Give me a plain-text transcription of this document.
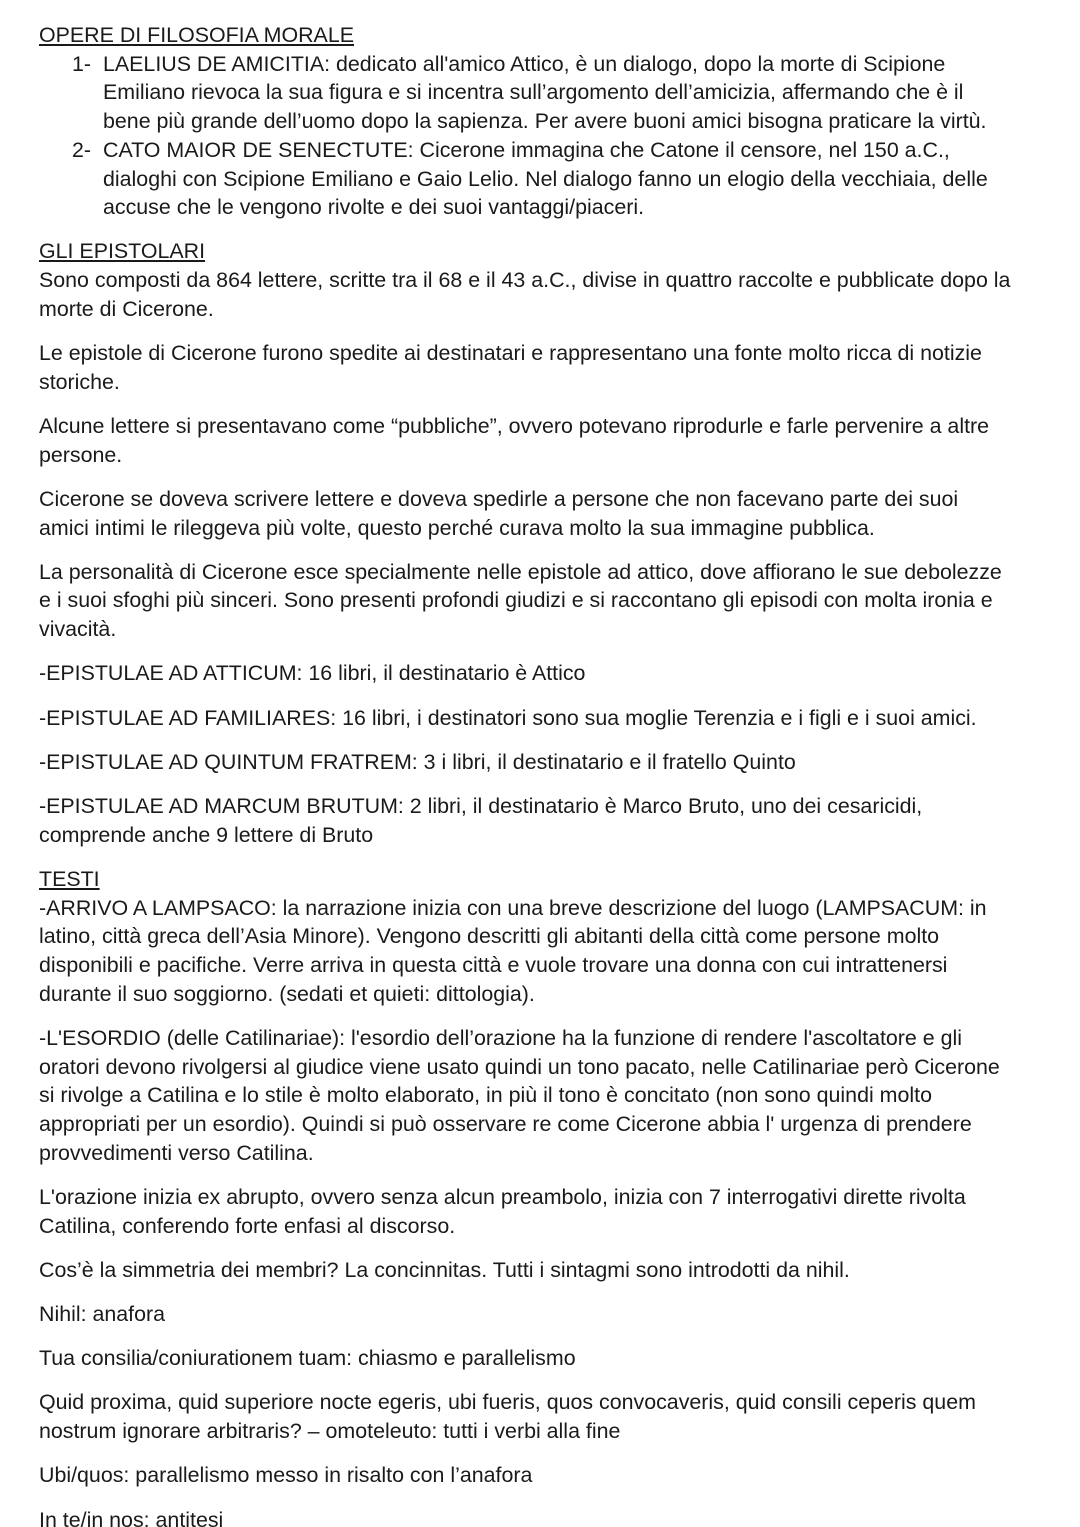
OPERE DI FILOSOFIA MORALE
1- LAELIUS DE AMICITIA: dedicato all'amico Attico, è un dialogo, dopo la morte di Scipione Emiliano rievoca la sua figura e si incentra sull’argomento dell’amicizia, affermando che è il bene più grande dell’uomo dopo la sapienza. Per avere buoni amici bisogna praticare la virtù.
2- CATO MAIOR DE SENECTUTE: Cicerone immagina che Catone il censore, nel 150 a.C., dialoghi con Scipione Emiliano e Gaio Lelio. Nel dialogo fanno un elogio della vecchiaia, delle accuse che le vengono rivolte e dei suoi vantaggi/piaceri.
GLI EPISTOLARI

Sono composti da 864 lettere, scritte tra il 68 e il 43 a.C., divise in quattro raccolte e pubblicate dopo la morte di Cicerone.

Le epistole di Cicerone furono spedite ai destinatari e rappresentano una fonte molto ricca di notizie storiche.

Alcune lettere si presentavano come “pubbliche”, ovvero potevano riprodurle e farle pervenire a altre persone.

Cicerone se doveva scrivere lettere e doveva spedirle a persone che non facevano parte dei suoi amici intimi le rileggeva più volte, questo perché curava molto la sua immagine pubblica.

La personalità di Cicerone esce specialmente nelle epistole ad attico, dove affiorano le sue debolezze e i suoi sfoghi più sinceri. Sono presenti profondi giudizi e si raccontano gli episodi con molta ironia e vivacità.

-EPISTULAE AD ATTICUM: 16 libri, il destinatario è Attico

-EPISTULAE AD FAMILIARES: 16 libri, i destinatori sono sua moglie Terenzia e i figli e i suoi amici.

-EPISTULAE AD QUINTUM FRATREM: 3 i libri, il destinatario e il fratello Quinto

-EPISTULAE AD MARCUM BRUTUM: 2 libri, il destinatario è Marco Bruto, uno dei cesaricidi, comprende anche 9 lettere di Bruto

TESTI

-ARRIVO A LAMPSACO: la narrazione inizia con una breve descrizione del luogo (LAMPSACUM: in latino, città greca dell’Asia Minore). Vengono descritti gli abitanti della città come persone molto disponibili e pacifiche. Verre arriva in questa città e vuole trovare una donna con cui intrattenersi durante il suo soggiorno. (sedati et quieti: dittologia).

-L'ESORDIO (delle Catilinariae): l'esordio dell’orazione ha la funzione di rendere l'ascoltatore e gli oratori devono rivolgersi al giudice viene usato quindi un tono pacato, nelle Catilinariae però Cicerone si rivolge a Catilina e lo stile è molto elaborato, in più il tono è concitato (non sono quindi molto appropriati per un esordio). Quindi si può osservare re come Cicerone abbia l' urgenza di prendere provvedimenti verso Catilina.

L'orazione inizia ex abrupto, ovvero senza alcun preambolo, inizia con 7 interrogativi dirette rivolta Catilina, conferendo forte enfasi al discorso.

Cos’è la simmetria dei membri? La concinnitas. Tutti i sintagmi sono introdotti da nihil.

Nihil: anafora

Tua consilia/coniurationem tuam: chiasmo e parallelismo

Quid proxima, quid superiore nocte egeris, ubi fueris, quos convocaveris, quid consili ceperis quem nostrum ignorare arbitraris? – omoteleuto: tutti i verbi alla fine

Ubi/quos: parallelismo messo in risalto con l’anafora

In te/in nos: antitesi
